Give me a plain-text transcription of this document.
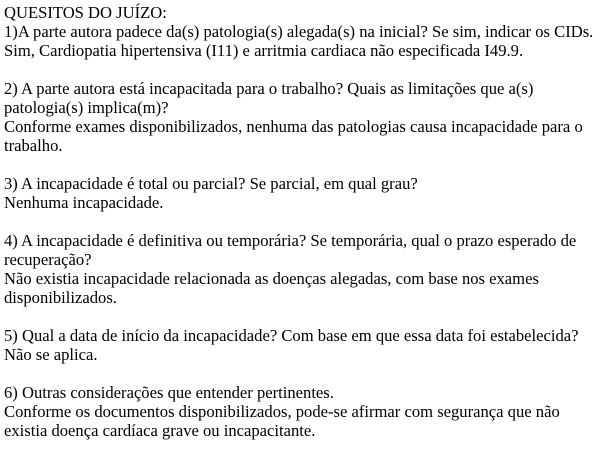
QUESITOS DO JUÍZO:

1)A parte autora padece da(s) patologia(s) alegada(s) na inicial? Se sim, indicar os CIDs.

Sim, Cardiopatia hipertensiva (I11) e arritmia cardiaca não especificada I49.9.

2) A parte autora está incapacitada para o trabalho? Quais as limitações que a(s) patologia(s) implica(m)?

Conforme exames disponibilizados, nenhuma das patologias causa incapacidade para o trabalho.

3) A incapacidade é total ou parcial? Se parcial, em qual grau?

Nenhuma incapacidade.

4) A incapacidade é definitiva ou temporária? Se temporária, qual o prazo esperado de recuperação?

Não existia incapacidade relacionada as doenças alegadas, com base nos exames disponibilizados.

5) Qual a data de início da incapacidade? Com base em que essa data foi estabelecida?

Não se aplica.

6) Outras considerações que entender pertinentes.

Conforme os documentos disponibilizados, pode-se afirmar com segurança que não existia doença cardíaca grave ou incapacitante.
